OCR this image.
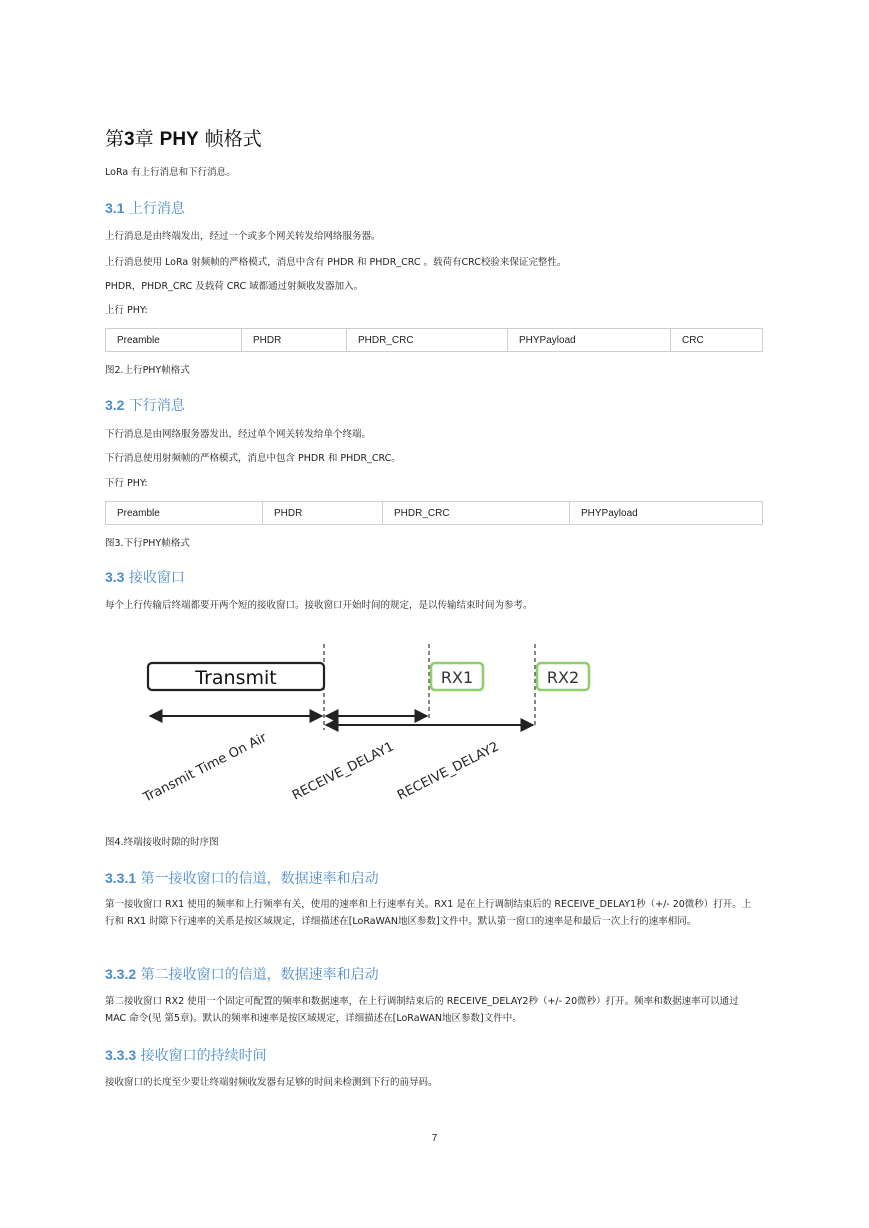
第3章 PHY 帧格式
LoRa 有上行消息和下行消息。
3.1 上行消息
上行消息是由终端发出，经过一个或多个网关转发给网络服务器。
上行消息使用 LoRa 射频帧的严格模式，消息中含有 PHDR 和 PHDR_CRC 。载荷有CRC校验来保证完整性。
PHDR，PHDR_CRC 及载荷 CRC 域都通过射频收发器加入。
上行 PHY:
Preamble	PHDR	PHDR_CRC	PHYPayload	CRC
图2.上行PHY帧格式
3.2 下行消息
下行消息是由网络服务器发出，经过单个网关转发给单个终端。
下行消息使用射频帧的严格模式，消息中包含 PHDR 和 PHDR_CRC。
下行 PHY:
Preamble	PHDR	PHDR_CRC	PHYPayload
图3.下行PHY帧格式
3.3 接收窗口
每个上行传输后终端都要开两个短的接收窗口。接收窗口开始时间的规定，是以传输结束时间为参考。
Transmit	RX1	RX2
Transmit Time On Air RECEIVE_DELAY1
RECEIVE_DELAY2
图4.终端接收时隙的时序图
3.3.1 第一接收窗口的信道，数据速率和启动
第一接收窗口 RX1 使用的频率和上行频率有关，使用的速率和上行速率有关。RX1 是在上行调制结束后的 RECEIVE_DELAY1秒（+/- 20微秒）打开。上行和 RX1 时隙下行速率的关系是按区域规定，详细描述在[LoRaWAN地区参数]文件中。默认第一窗口的速率是和最后一次上行的速率相同。
3.3.2 第二接收窗口的信道，数据速率和启动
第二接收窗口 RX2 使用一个固定可配置的频率和数据速率，在上行调制结束后的 RECEIVE_DELAY2秒（+/- 20微秒）打开。频率和数据速率可以通过 MAC 命令(见 第5章)。默认的频率和速率是按区域规定，详细描述在[LoRaWAN地区参数]文件中。
3.3.3 接收窗口的持续时间
接收窗口的长度至少要让终端射频收发器有足够的时间来检测到下行的前导码。
7
